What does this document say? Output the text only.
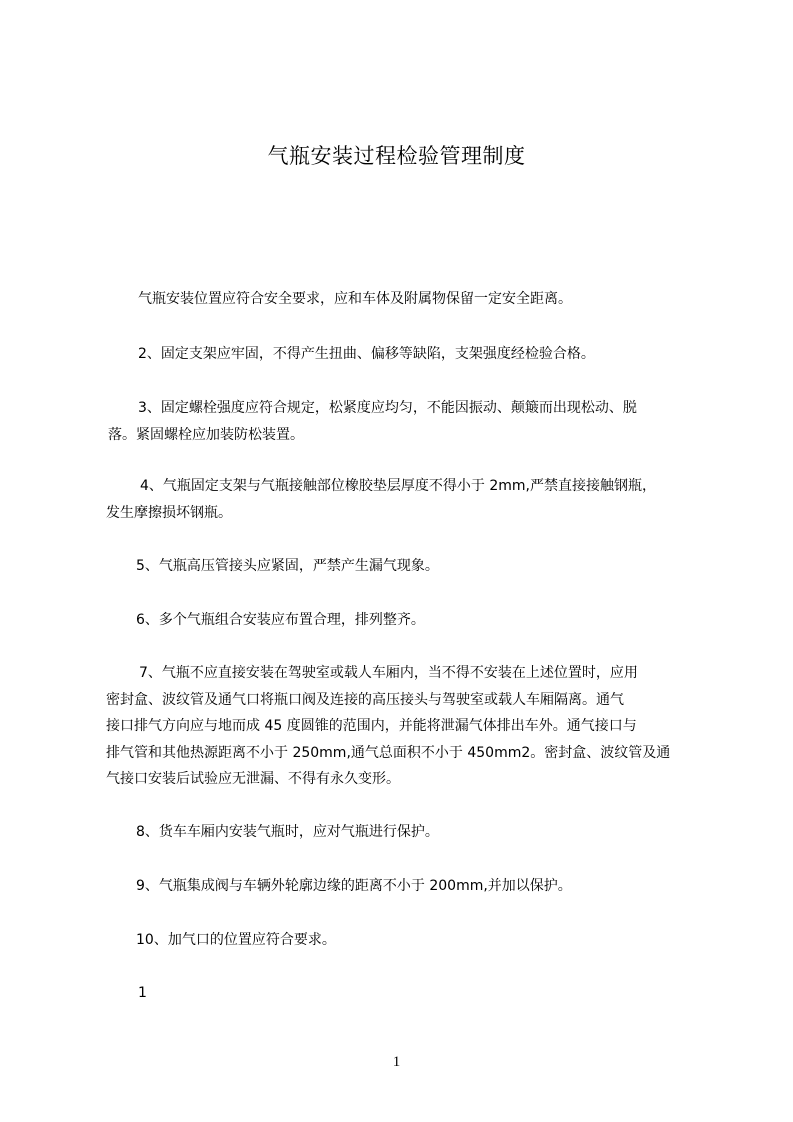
气瓶安装过程检验管理制度

气瓶安装位置应符合安全要求，应和车体及附属物保留一定安全距离。

2、固定支架应牢固，不得产生扭曲、偏移等缺陷，支架强度经检验合格。

3、固定螺栓强度应符合规定，松紧度应均匀，不能因振动、颠簸而出现松动、脱
落。紧固螺栓应加装防松装置。

4、气瓶固定支架与气瓶接触部位橡胶垫层厚度不得小于 2mm,严禁直接接触钢瓶，
发生摩擦损坏钢瓶。

5、气瓶高压管接头应紧固，严禁产生漏气现象。

6、多个气瓶组合安装应布置合理，排列整齐。

7、气瓶不应直接安装在驾驶室或载人车厢内，当不得不安装在上述位置时，应用
密封盒、波纹管及通气口将瓶口阀及连接的高压接头与驾驶室或载人车厢隔离。通气
接口排气方向应与地而成 45 度圆锥的范围内，并能将泄漏气体排出车外。通气接口与
排气管和其他热源距离不小于 250mm,通气总面积不小于 450mm2。密封盒、波纹管及通
气接口安装后试验应无泄漏、不得有永久变形。

8、货车车厢内安装气瓶时，应对气瓶进行保护。

9、气瓶集成阀与车辆外轮廓边缘的距离不小于 200mm,并加以保护。

10、加气口的位置应符合要求。

1

1
